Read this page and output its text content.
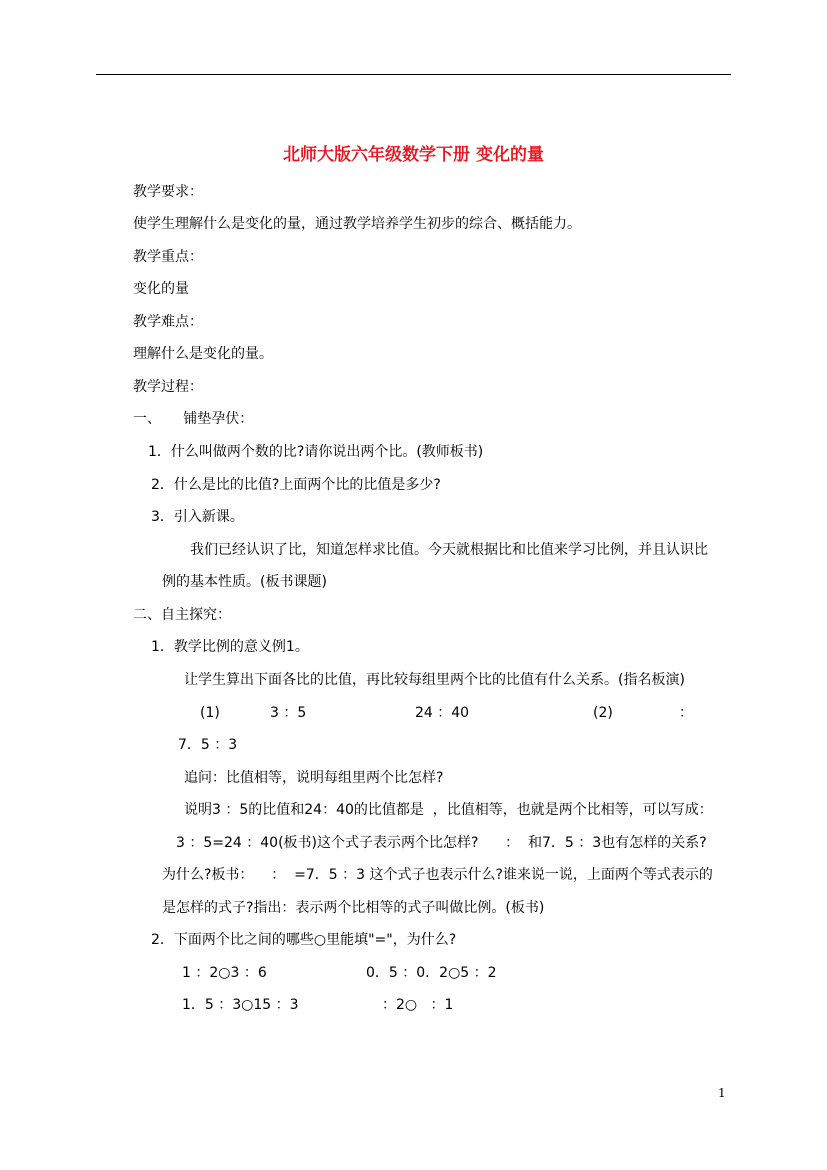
北师大版六年级数学下册 变化的量
教学要求：
使学生理解什么是变化的量，通过教学培养学生初步的综合、概括能力。
教学重点：
变化的量
教学难点：
理解什么是变化的量。
教学过程：
一、     铺垫孕伏：
1．什么叫做两个数的比?请你说出两个比。(教师板书)
2．什么是比的比值?上面两个比的比值是多少?
3．引入新课。
我们已经认识了比，知道怎样求比值。今天就根据比和比值来学习比例，并且认识比
例的基本性质。(板书课题)
二、自主探究：
1．教学比例的意义例1。
让学生算出下面各比的比值，再比较每组里两个比的比值有什么关系。(指名板演)
(1)	3 ：5	24 ：40	(2)	：
7．5 ：3
追问：比值相等，说明每组里两个比怎样?
说明3 ：5的比值和24：40的比值都是  ，比值相等，也就是两个比相等，可以写成：
3 ：5=24 ：40(板书)这个式子表示两个比怎样?      ：  和7．5 ：3也有怎样的关系?
为什么?板书：    ：  =7．5 ：3 这个式子也表示什么?谁来说一说，上面两个等式表示的
是怎样的式子?指出：表示两个比相等的式子叫做比例。(板书)
2．下面两个比之间的哪些○里能填"="，为什么?
1 ：2○3 ：6	0．5 ：0．2○5 ：2
1．5 ：3○15 ：3	：2○   ：1
1
